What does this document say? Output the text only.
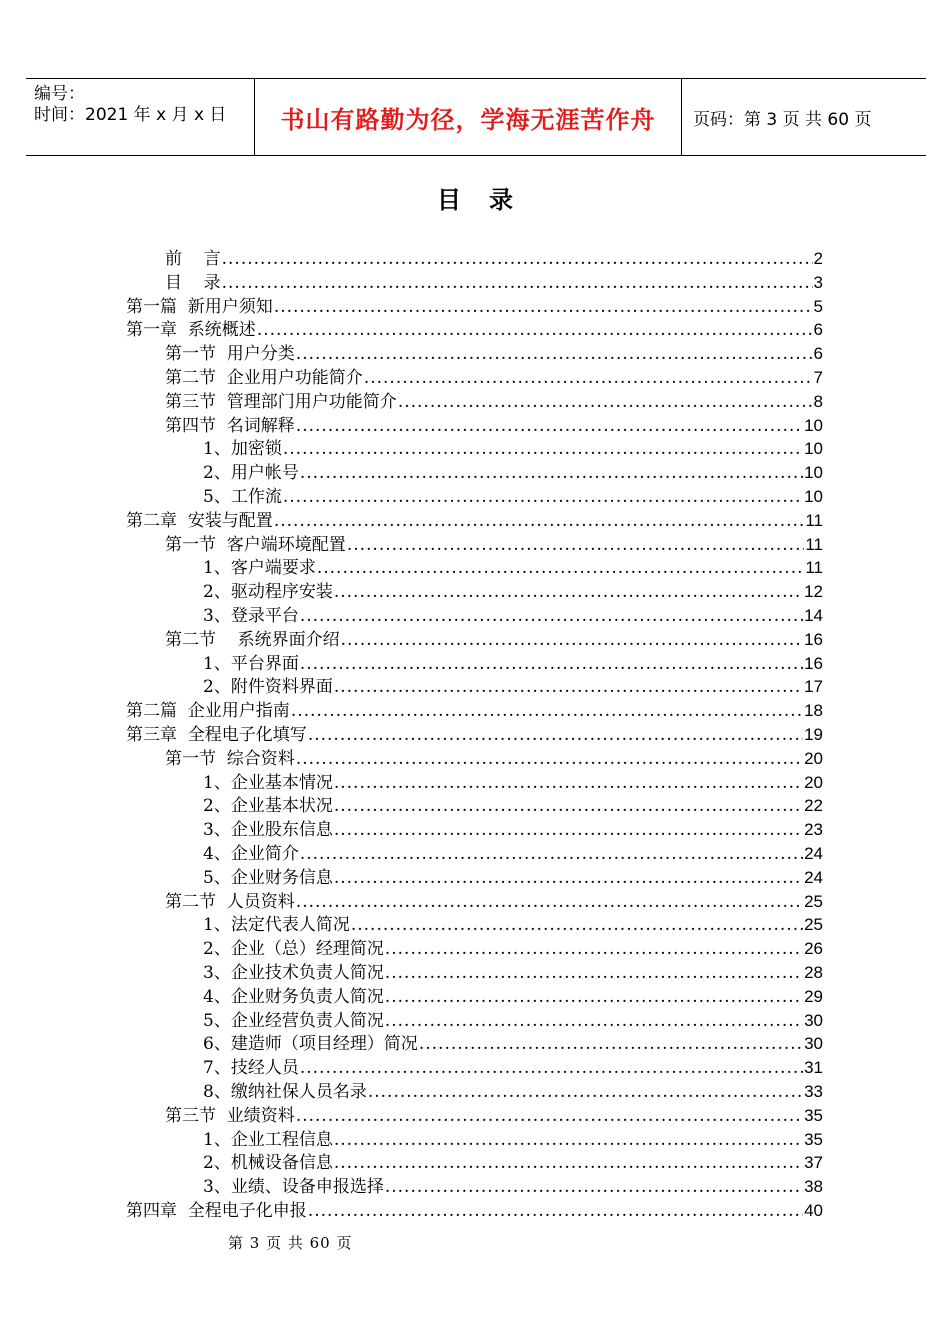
编号：
时间：2021 年 x 月 x 日	书山有路勤为径，学海无涯苦作舟	页码：第 3 页 共 60 页
目录
前    言 .....	2
目    录 .....	3
第一篇  新用户须知 .....	5
第一章  系统概述 .....	6
第一节  用户分类 .....	6
第二节  企业用户功能简介 .....	7
第三节  管理部门用户功能简介 .....	8
第四节  名词解释 .....	10
1、加密锁 .....	10
2、用户帐号 .....	10
5、工作流 .....	10
第二章  安装与配置 .....	11
第一节  客户端环境配置 .....	11
1、客户端要求 .....	11
2、驱动程序安装 .....	12
3、登录平台 .....	14
第二节    系统界面介绍 .....	16
1、平台界面 .....	16
2、附件资料界面 .....	17
第二篇  企业用户指南 .....	18
第三章  全程电子化填写 .....	19
第一节  综合资料 .....	20
1、企业基本情况 .....	20
2、企业基本状况 .....	22
3、企业股东信息 .....	23
4、企业简介 .....	24
5、企业财务信息 .....	24
第二节  人员资料 .....	25
1、法定代表人简况 .....	25
2、企业（总）经理简况 .....	26
3、企业技术负责人简况 .....	28
4、企业财务负责人简况 .....	29
5、企业经营负责人简况 .....	30
6、建造师（项目经理）简况 .....	30
7、技经人员 .....	31
8、缴纳社保人员名录 .....	33
第三节  业绩资料 .....	35
1、企业工程信息 .....	35
2、机械设备信息 .....	37
3、业绩、设备申报选择 .....	38
第四章  全程电子化申报 .....	40
第 3 页 共 60 页
